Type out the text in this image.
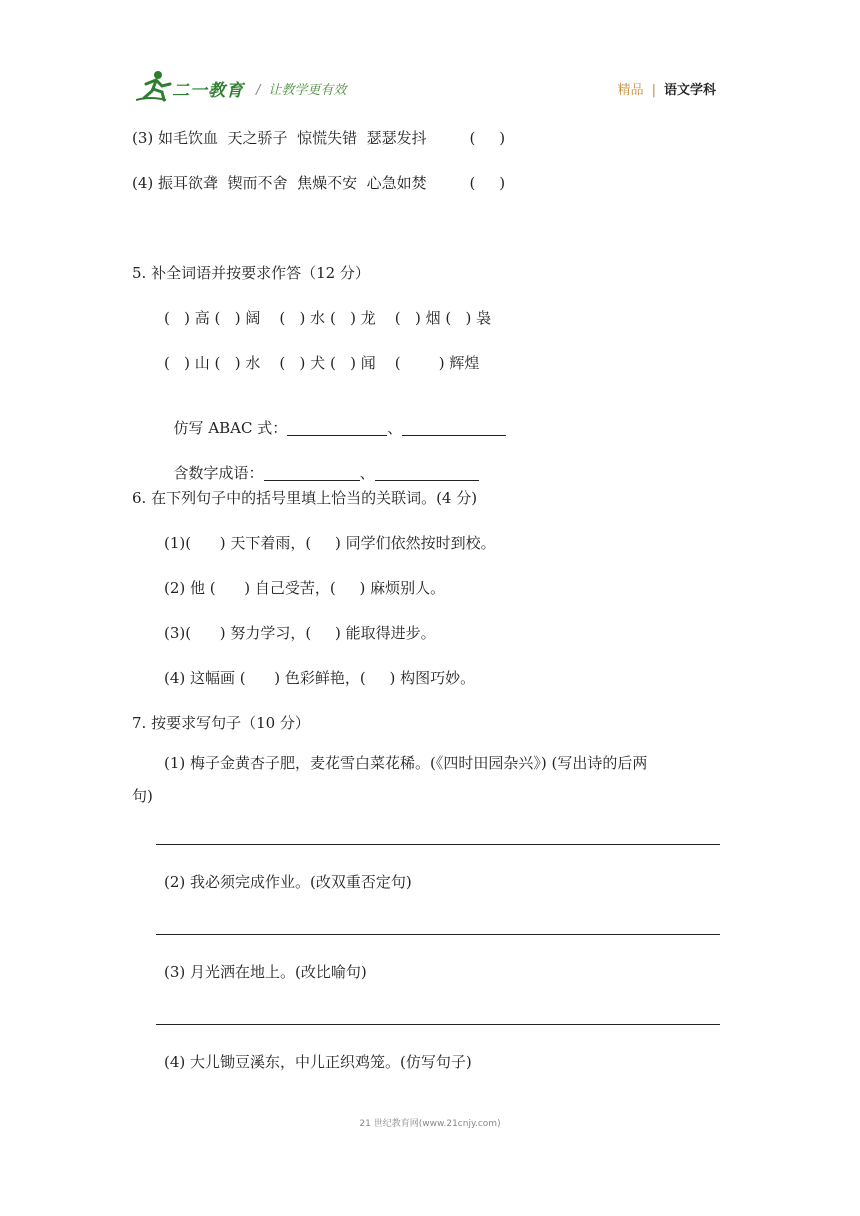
二一教育 / 让教学更有效	精品 | 语文学科
(3) 如毛饮血  天之骄子  惊慌失错  瑟瑟发抖         (     )
(4) 振耳欲聋  锲而不舍  焦燥不安  心急如焚         (     )
5. 补全词语并按要求作答（12 分）
(   ) 高 (   ) 阔    (   ) 水 (   ) 龙    (   ) 烟 (   ) 袅
(   ) 山 (   ) 水    (   ) 犬 (   ) 闻    (        ) 辉煌

仿写 ABAC 式：	、

含数字成语：	、

6. 在下列句子中的括号里填上恰当的关联词。(4 分)
(1)(      ) 天下着雨，(     ) 同学们依然按时到校。
(2) 他 (      ) 自己受苦，(     ) 麻烦别人。
(3)(      ) 努力学习，(     ) 能取得进步。
(4) 这幅画 (      ) 色彩鲜艳，(     ) 构图巧妙。
7. 按要求写句子（10 分）
(1) 梅子金黄杏子肥，麦花雪白菜花稀。(《四时田园杂兴》) (写出诗的后两
句)
(2) 我必须完成作业。(改双重否定句)
(3) 月光洒在地上。(改比喻句)
(4) 大儿锄豆溪东，中儿正织鸡笼。(仿写句子)
21 世纪教育网(www.21cnjy.com)
